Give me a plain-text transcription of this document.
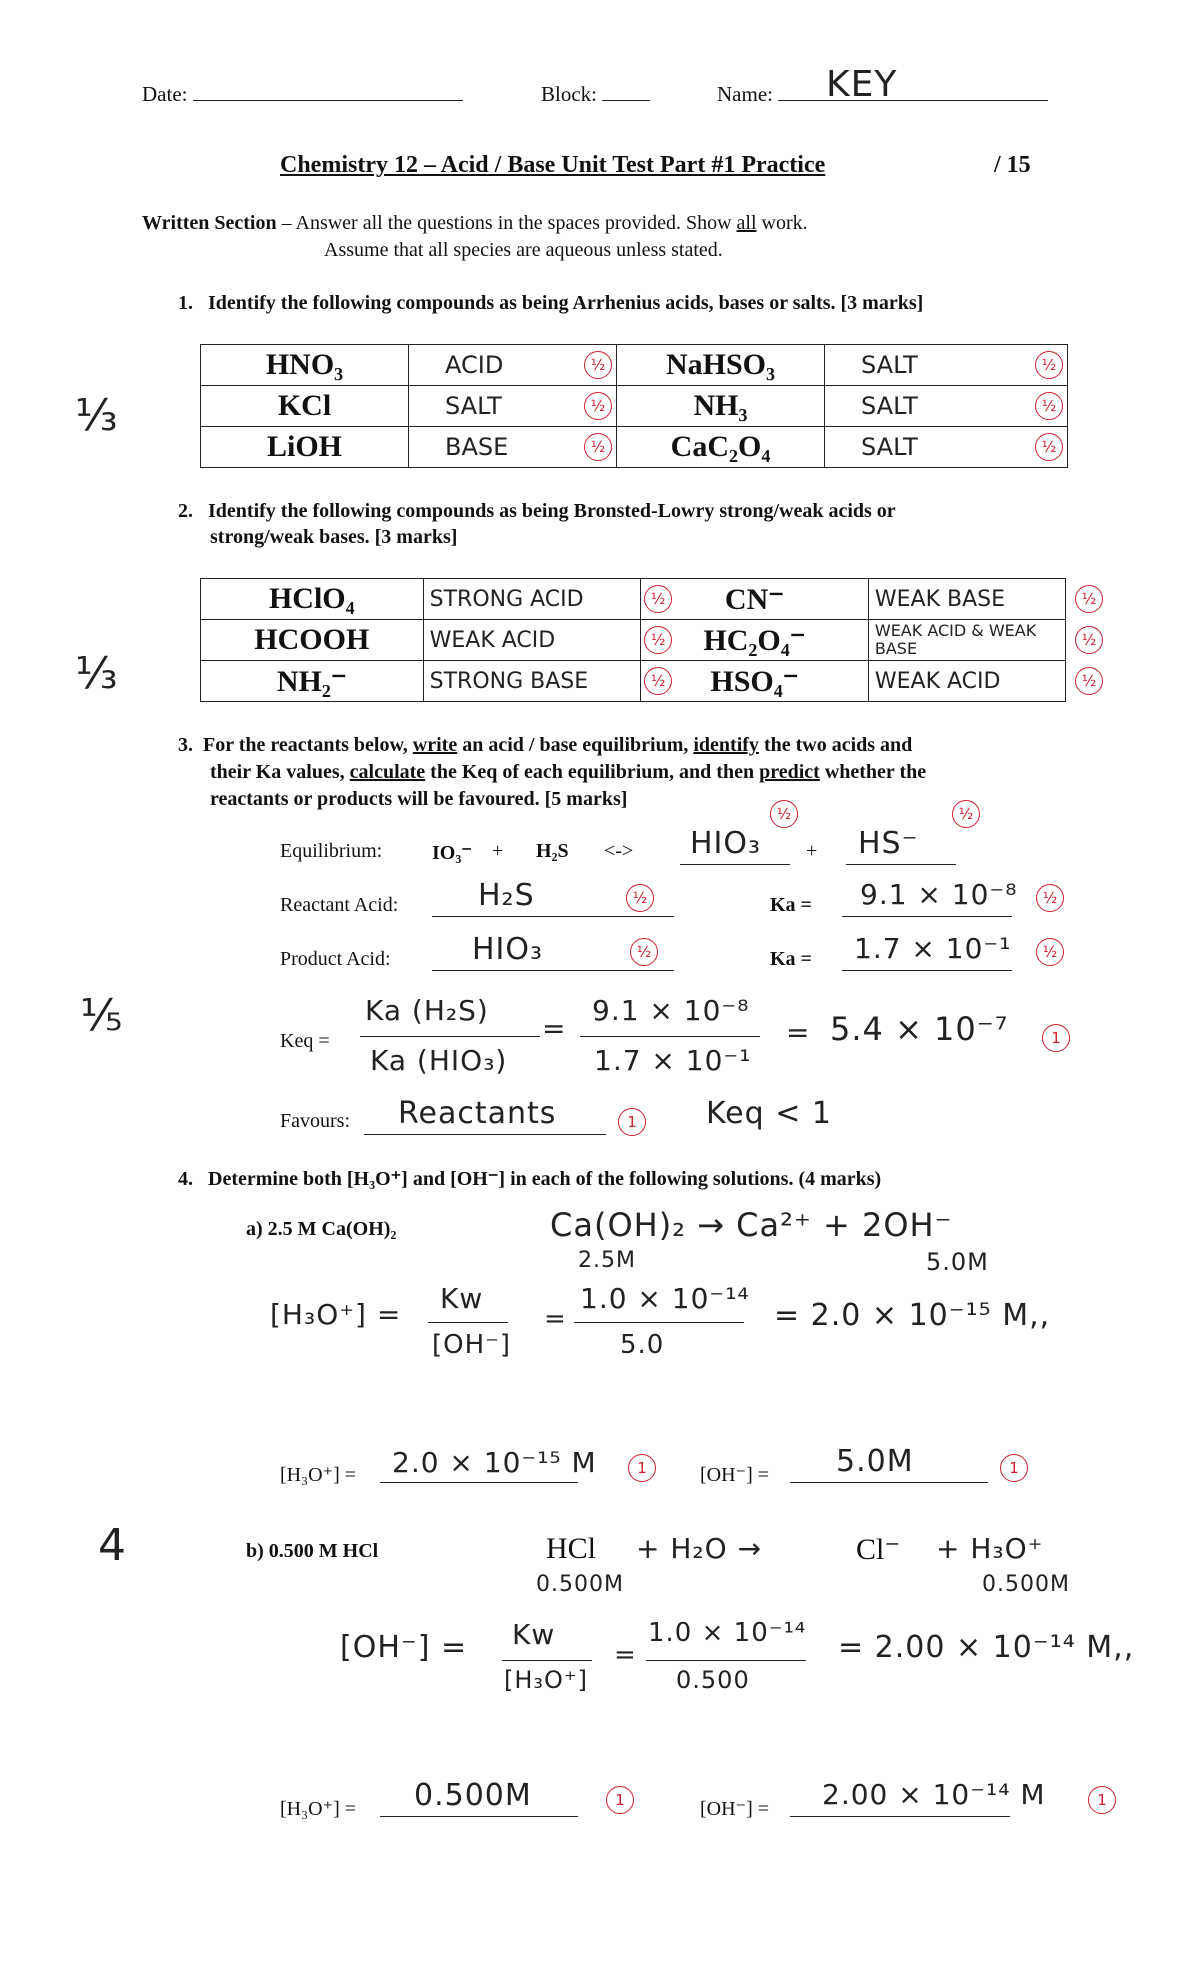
Date:	Block:	Name:	KEY
Chemistry 12 – Acid / Base Unit Test Part #1 Practice	/ 15
Written Section – Answer all the questions in the spaces provided. Show all work.
Assume that all species are aqueous unless stated.
⅓
⅓
⅕
4
1. Identify the following compounds as being Arrhenius acids, bases or salts. [3 marks]
HNO₃	ACID ½	NaHSO₃	SALT ½

KCl	SALT ½	NH₃	SALT ½

LiOH	BASE ½	CaC₂O₄	SALT ½
2. Identify the following compounds as being Bronsted-Lowry strong/weak acids or
strong/weak bases. [3 marks]
HClO₄	STRONG ACID ½	CN⁻	WEAK BASE ½

HCOOH	WEAK ACID ½	HC₂O₄⁻	WEAK ACID & WEAK BASE ½

NH₂⁻	STRONG BASE ½	HSO₄⁻	WEAK ACID ½
3. For the reactants below, write an acid / base equilibrium, identify the two acids and
their Ka values, calculate the Keq of each equilibrium, and then predict whether the
reactants or products will be favoured. [5 marks]
½	½
Equilibrium: IO₃⁻ + H₂S <-> HIO₃ + HS⁻
Reactant Acid:	H₂S	½	Ka = 9.1 × 10⁻⁸	½
Product Acid:	HIO₃	½	Ka = 1.7 × 10⁻¹	½
Keq =
Ka (H₂S)
Ka (HIO₃)
=
9.1 × 10⁻⁸
1.7 × 10⁻¹
= 5.4 × 10⁻⁷	1
Favours: Reactants	1	Keq < 1
4. Determine both [H₃O⁺] and [OH⁻] in each of the following solutions. (4 marks)
a) 2.5 M Ca(OH)₂	Ca(OH)₂ → Ca²⁺ + 2OH⁻
2.5M	5.0M
[H₃O⁺] = Kw
[OH⁻]
=
1.0 × 10⁻¹⁴
5.0
= 2.0 × 10⁻¹⁵ M,,
[H₃O⁺] = 2.0 × 10⁻¹⁵ M	1	[OH⁻] = 5.0M	1
b) 0.500 M HCl	HCl + H₂O →	Cl⁻ + H₃O⁺
0.500M	0.500M
[OH⁻] = Kw
[H₃O⁺]
=
1.0 × 10⁻¹⁴
0.500
= 2.00 × 10⁻¹⁴ M,,
[H₃O⁺] = 0.500M	1	[OH⁻] = 2.00 × 10⁻¹⁴ M	1
